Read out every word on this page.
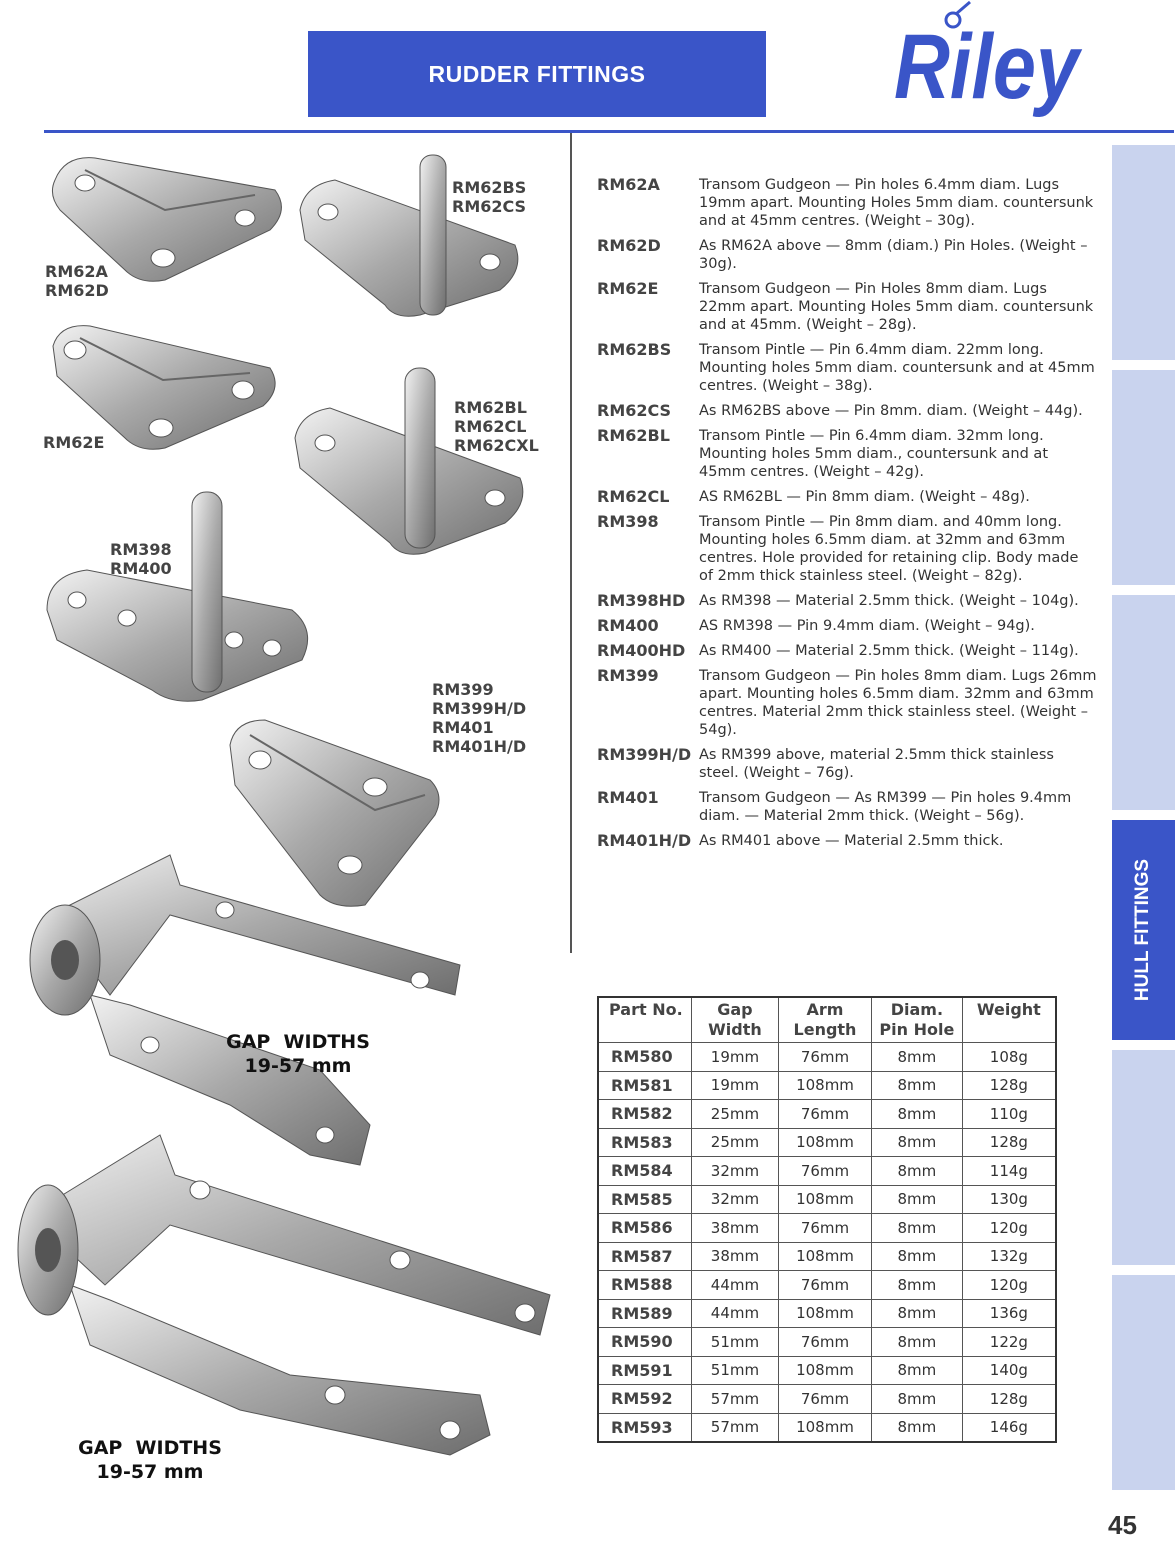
RUDDER FITTINGS	Riley
RM62A
RM62D
RM62BS
RM62CS
RM62E
RM62BL
RM62CL
RM62CXL
RM398
RM400
RM399
RM399H/D
RM401
RM401H/D
GAP  WIDTHS
19-57 mm
GAP  WIDTHS
19-57 mm
RM62A	Transom Gudgeon — Pin holes 6.4mm diam. Lugs 19mm apart. Mounting Holes 5mm diam. countersunk and at 45mm centres. (Weight – 30g).
RM62D	As RM62A above — 8mm (diam.) Pin Holes. (Weight – 30g).
RM62E	Transom Gudgeon — Pin Holes 8mm diam. Lugs 22mm apart. Mounting Holes 5mm diam. countersunk and at 45mm. (Weight – 28g).
RM62BS	Transom Pintle — Pin 6.4mm diam. 22mm long. Mounting holes 5mm diam. countersunk and at 45mm centres. (Weight – 38g).
RM62CS	As RM62BS above — Pin 8mm. diam. (Weight – 44g).
RM62BL	Transom Pintle — Pin 6.4mm diam. 32mm long. Mounting holes 5mm diam., countersunk and at 45mm centres. (Weight – 42g).
RM62CL	AS RM62BL — Pin 8mm diam. (Weight – 48g).
RM398	Transom Pintle — Pin 8mm diam. and 40mm long. Mounting holes 6.5mm diam. at 32mm and 63mm centres. Hole provided for retaining clip. Body made of 2mm thick stainless steel. (Weight – 82g).
RM398HD As RM398 — Material 2.5mm thick. (Weight – 104g).
RM400	AS RM398 — Pin 9.4mm diam. (Weight – 94g).
RM400HD As RM400 — Material 2.5mm thick. (Weight – 114g).
RM399	Transom Gudgeon — Pin holes 8mm diam. Lugs 26mm apart. Mounting holes 6.5mm diam. 32mm and 63mm centres. Material 2mm thick stainless steel. (Weight – 54g).
RM399H/D As RM399 above, material 2.5mm thick stainless steel. (Weight – 76g).
RM401	Transom Gudgeon — As RM399 — Pin holes 9.4mm diam. — Material 2mm thick. (Weight – 56g).
RM401H/D As RM401 above — Material 2.5mm thick.
Part No.	Gap Width	Arm Length	Diam. Pin Hole	Weight
RM580	19mm	76mm	8mm	108g
RM581	19mm	108mm	8mm	128g
RM582	25mm	76mm	8mm	110g
RM583	25mm	108mm	8mm	128g
RM584	32mm	76mm	8mm	114g
RM585	32mm	108mm	8mm	130g
RM586	38mm	76mm	8mm	120g
RM587	38mm	108mm	8mm	132g
RM588	44mm	76mm	8mm	120g
RM589	44mm	108mm	8mm	136g
RM590	51mm	76mm	8mm	122g
RM591	51mm	108mm	8mm	140g
RM592	57mm	76mm	8mm	128g
RM593	57mm	108mm	8mm	146g
HULL FITTINGS
45
